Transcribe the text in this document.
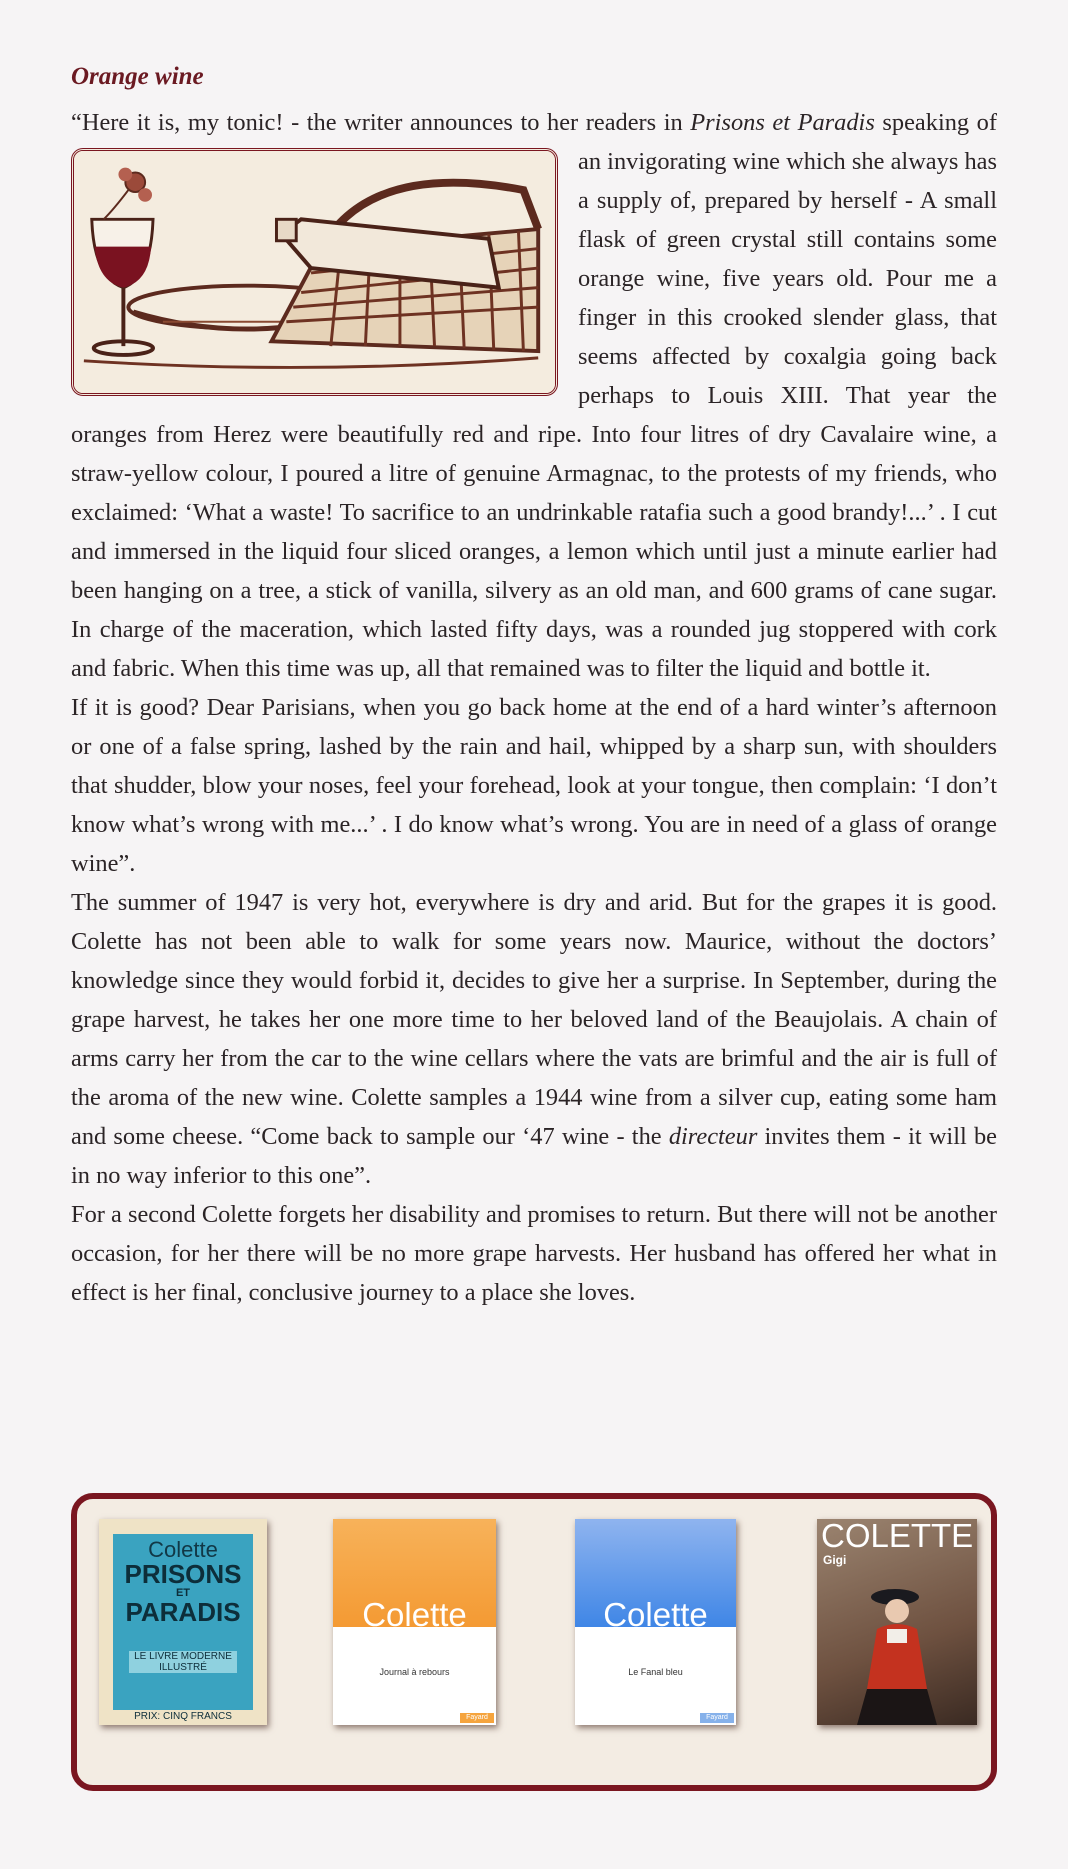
Orange wine

“Here it is, my tonic! - the writer announces to her readers in Prisons et Paradis
speaking of an invigorating wine which she always has a supply of, prepared by herself - A small flask of green crystal still contains some orange wine, five years old. Pour me a finger in this crooked slender glass, that seems affected by coxalgia going back perhaps to Louis XIII. That year the oranges from Herez were beautifully red and ripe. Into four litres of dry Cavalaire wine, a straw-yellow colour, I poured a litre of genuine Armagnac, to the protests of my friends, who exclaimed: ‘What a waste! To sacrifice to an undrinkable ratafia such a good brandy!...’ . I cut and immersed in the liquid four sliced oranges, a lemon which until just a minute earlier had been hanging on a tree, a stick of vanilla, silvery as an old man, and 600 grams of cane sugar. In charge of the maceration, which lasted fifty days, was a rounded jug stoppered with cork and fabric. When this time was up, all that remained was to filter the liquid and bottle it.

If it is good? Dear Parisians, when you go back home at the end of a hard winter’s afternoon or one of a false spring, lashed by the rain and hail, whipped by a sharp sun, with shoulders that shudder, blow your noses, feel your forehead, look at your tongue, then complain: ‘I don’t know what’s wrong with me...’ . I do know what’s wrong. You are in need of a glass of orange wine”.

The summer of 1947 is very hot, everywhere is dry and arid. But for the grapes it is good. Colette has not been able to walk for some years now. Maurice, without the doctors’ knowledge since they would forbid it, decides to give her a surprise. In September, during the grape harvest, he takes her one more time to her beloved land of the Beaujolais. A chain of arms carry her from the car to the wine cellars where the vats are brimful and the air is full of the aroma of the new wine. Colette samples a 1944 wine from a silver cup, eating some ham and some cheese. “Come back to sample our ‘47 wine - the directeur invites them - it will be in no way inferior to this one”.

For a second Colette forgets her disability and promises to return. But there will not be another occasion, for her there will be no more grape harvests. Her husband has offered her what in effect is her final, conclusive journey to a place she loves.

Colette
PRISONS
ET
PARADIS
LE LIVRE MODERNE ILLUSTRÉ
PRIX: CINQ FRANCS
Colette
Journal à rebours
Fayard
Colette
Le Fanal bleu
Fayard
COLETTE
Gigi
